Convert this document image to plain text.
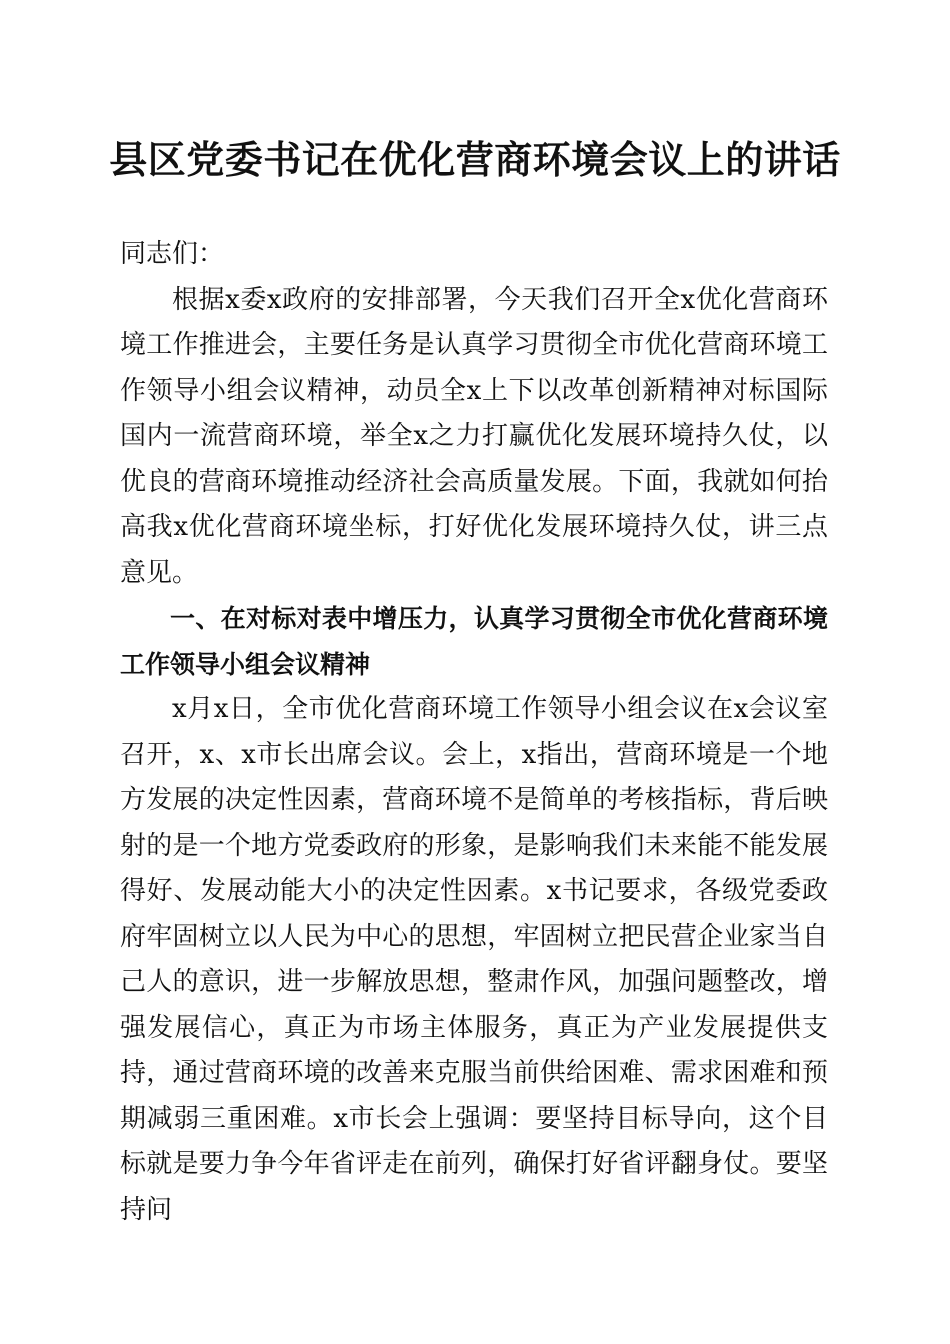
县区党委书记在优化营商环境会议上的讲话

同志们：

根据x委x政府的安排部署，今天我们召开全x优化营商环境工作推进会，主要任务是认真学习贯彻全市优化营商环境工作领导小组会议精神，动员全x上下以改革创新精神对标国际国内一流营商环境，举全x之力打赢优化发展环境持久仗，以优良的营商环境推动经济社会高质量发展。下面，我就如何抬高我x优化营商环境坐标，打好优化发展环境持久仗，讲三点意见。

一、在对标对表中增压力，认真学习贯彻全市优化营商环境工作领导小组会议精神

x月x日，全市优化营商环境工作领导小组会议在x会议室召开，x、x市长出席会议。会上，x指出，营商环境是一个地方发展的决定性因素，营商环境不是简单的考核指标，背后映射的是一个地方党委政府的形象，是影响我们未来能不能发展得好、发展动能大小的决定性因素。x书记要求，各级党委政府牢固树立以人民为中心的思想，牢固树立把民营企业家当自己人的意识，进一步解放思想，整肃作风，加强问题整改，增强发展信心，真正为市场主体服务，真正为产业发展提供支持，通过营商环境的改善来克服当前供给困难、需求困难和预期减弱三重困难。x市长会上强调：要坚持目标导向，这个目标就是要力争今年省评走在前列，确保打好省评翻身仗。要坚持问
